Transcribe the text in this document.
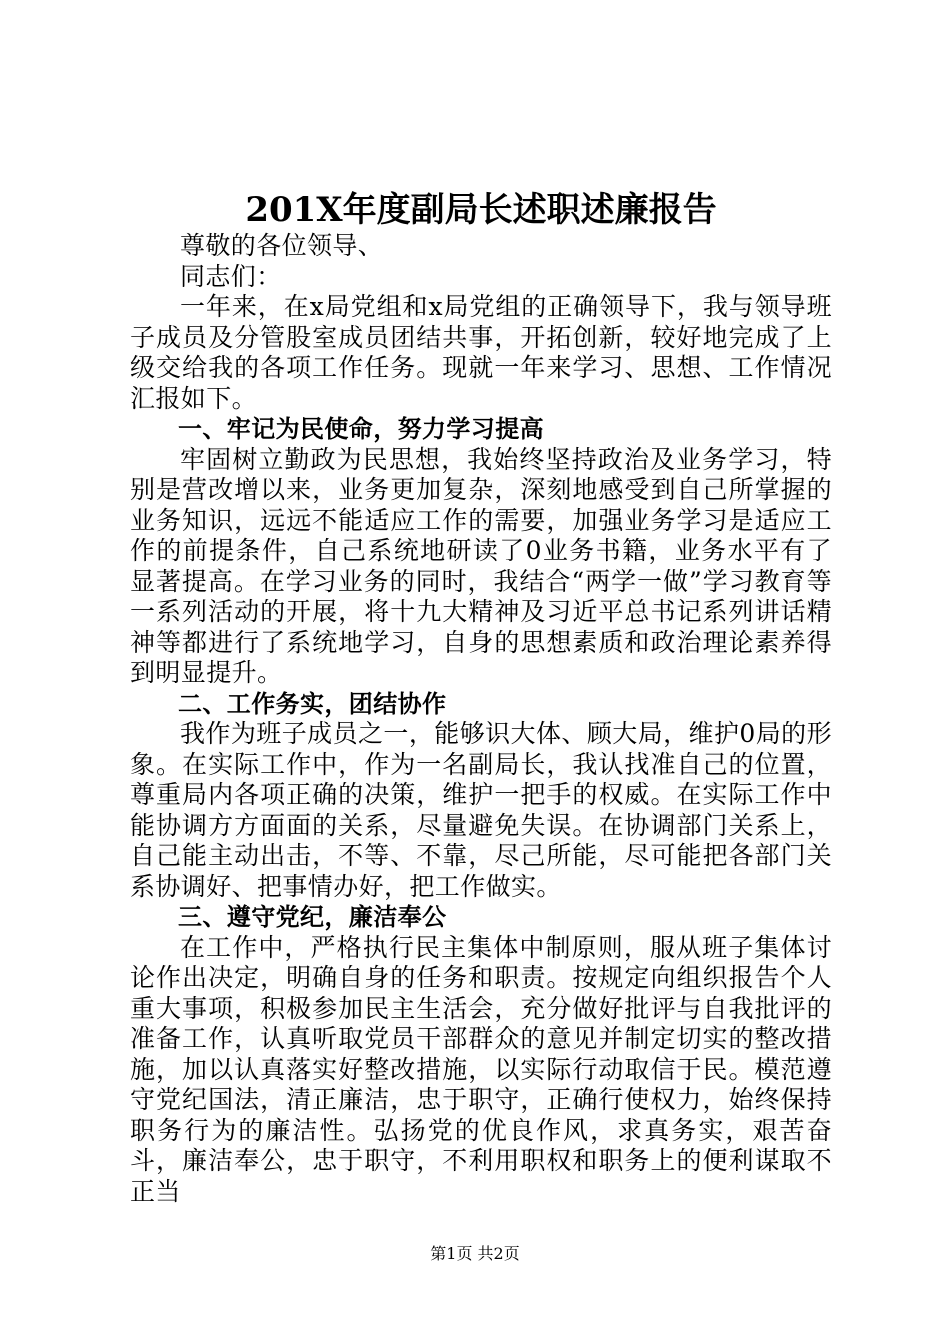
201X年度副局长述职述廉报告

尊敬的各位领导、

同志们：

一年来，在x局党组和x局党组的正确领导下，我与领导班子成员及分管股室成员团结共事，开拓创新，较好地完成了上级交给我的各项工作任务。现就一年来学习、思想、工作情况汇报如下。

一、牢记为民使命，努力学习提高

牢固树立勤政为民思想，我始终坚持政治及业务学习，特别是营改增以来，业务更加复杂，深刻地感受到自己所掌握的业务知识，远远不能适应工作的需要，加强业务学习是适应工作的前提条件，自己系统地研读了0业务书籍，业务水平有了显著提高。在学习业务的同时，我结合“两学一做”学习教育等一系列活动的开展，将十九大精神及习近平总书记系列讲话精神等都进行了系统地学习，自身的思想素质和政治理论素养得到明显提升。

二、工作务实，团结协作

我作为班子成员之一，能够识大体、顾大局，维护0局的形象。在实际工作中，作为一名副局长，我认找准自己的位置，尊重局内各项正确的决策，维护一把手的权威。在实际工作中能协调方方面面的关系，尽量避免失误。在协调部门关系上，自己能主动出击，不等、不靠，尽己所能，尽可能把各部门关系协调好、把事情办好，把工作做实。

三、遵守党纪，廉洁奉公

在工作中，严格执行民主集体中制原则，服从班子集体讨论作出决定，明确自身的任务和职责。按规定向组织报告个人重大事项，积极参加民主生活会，充分做好批评与自我批评的准备工作，认真听取党员干部群众的意见并制定切实的整改措施，加以认真落实好整改措施，以实际行动取信于民。模范遵守党纪国法，清正廉洁，忠于职守，正确行使权力，始终保持职务行为的廉洁性。弘扬党的优良作风，求真务实，艰苦奋斗，廉洁奉公，忠于职守，不利用职权和职务上的便利谋取不正当

第1页 共2页
